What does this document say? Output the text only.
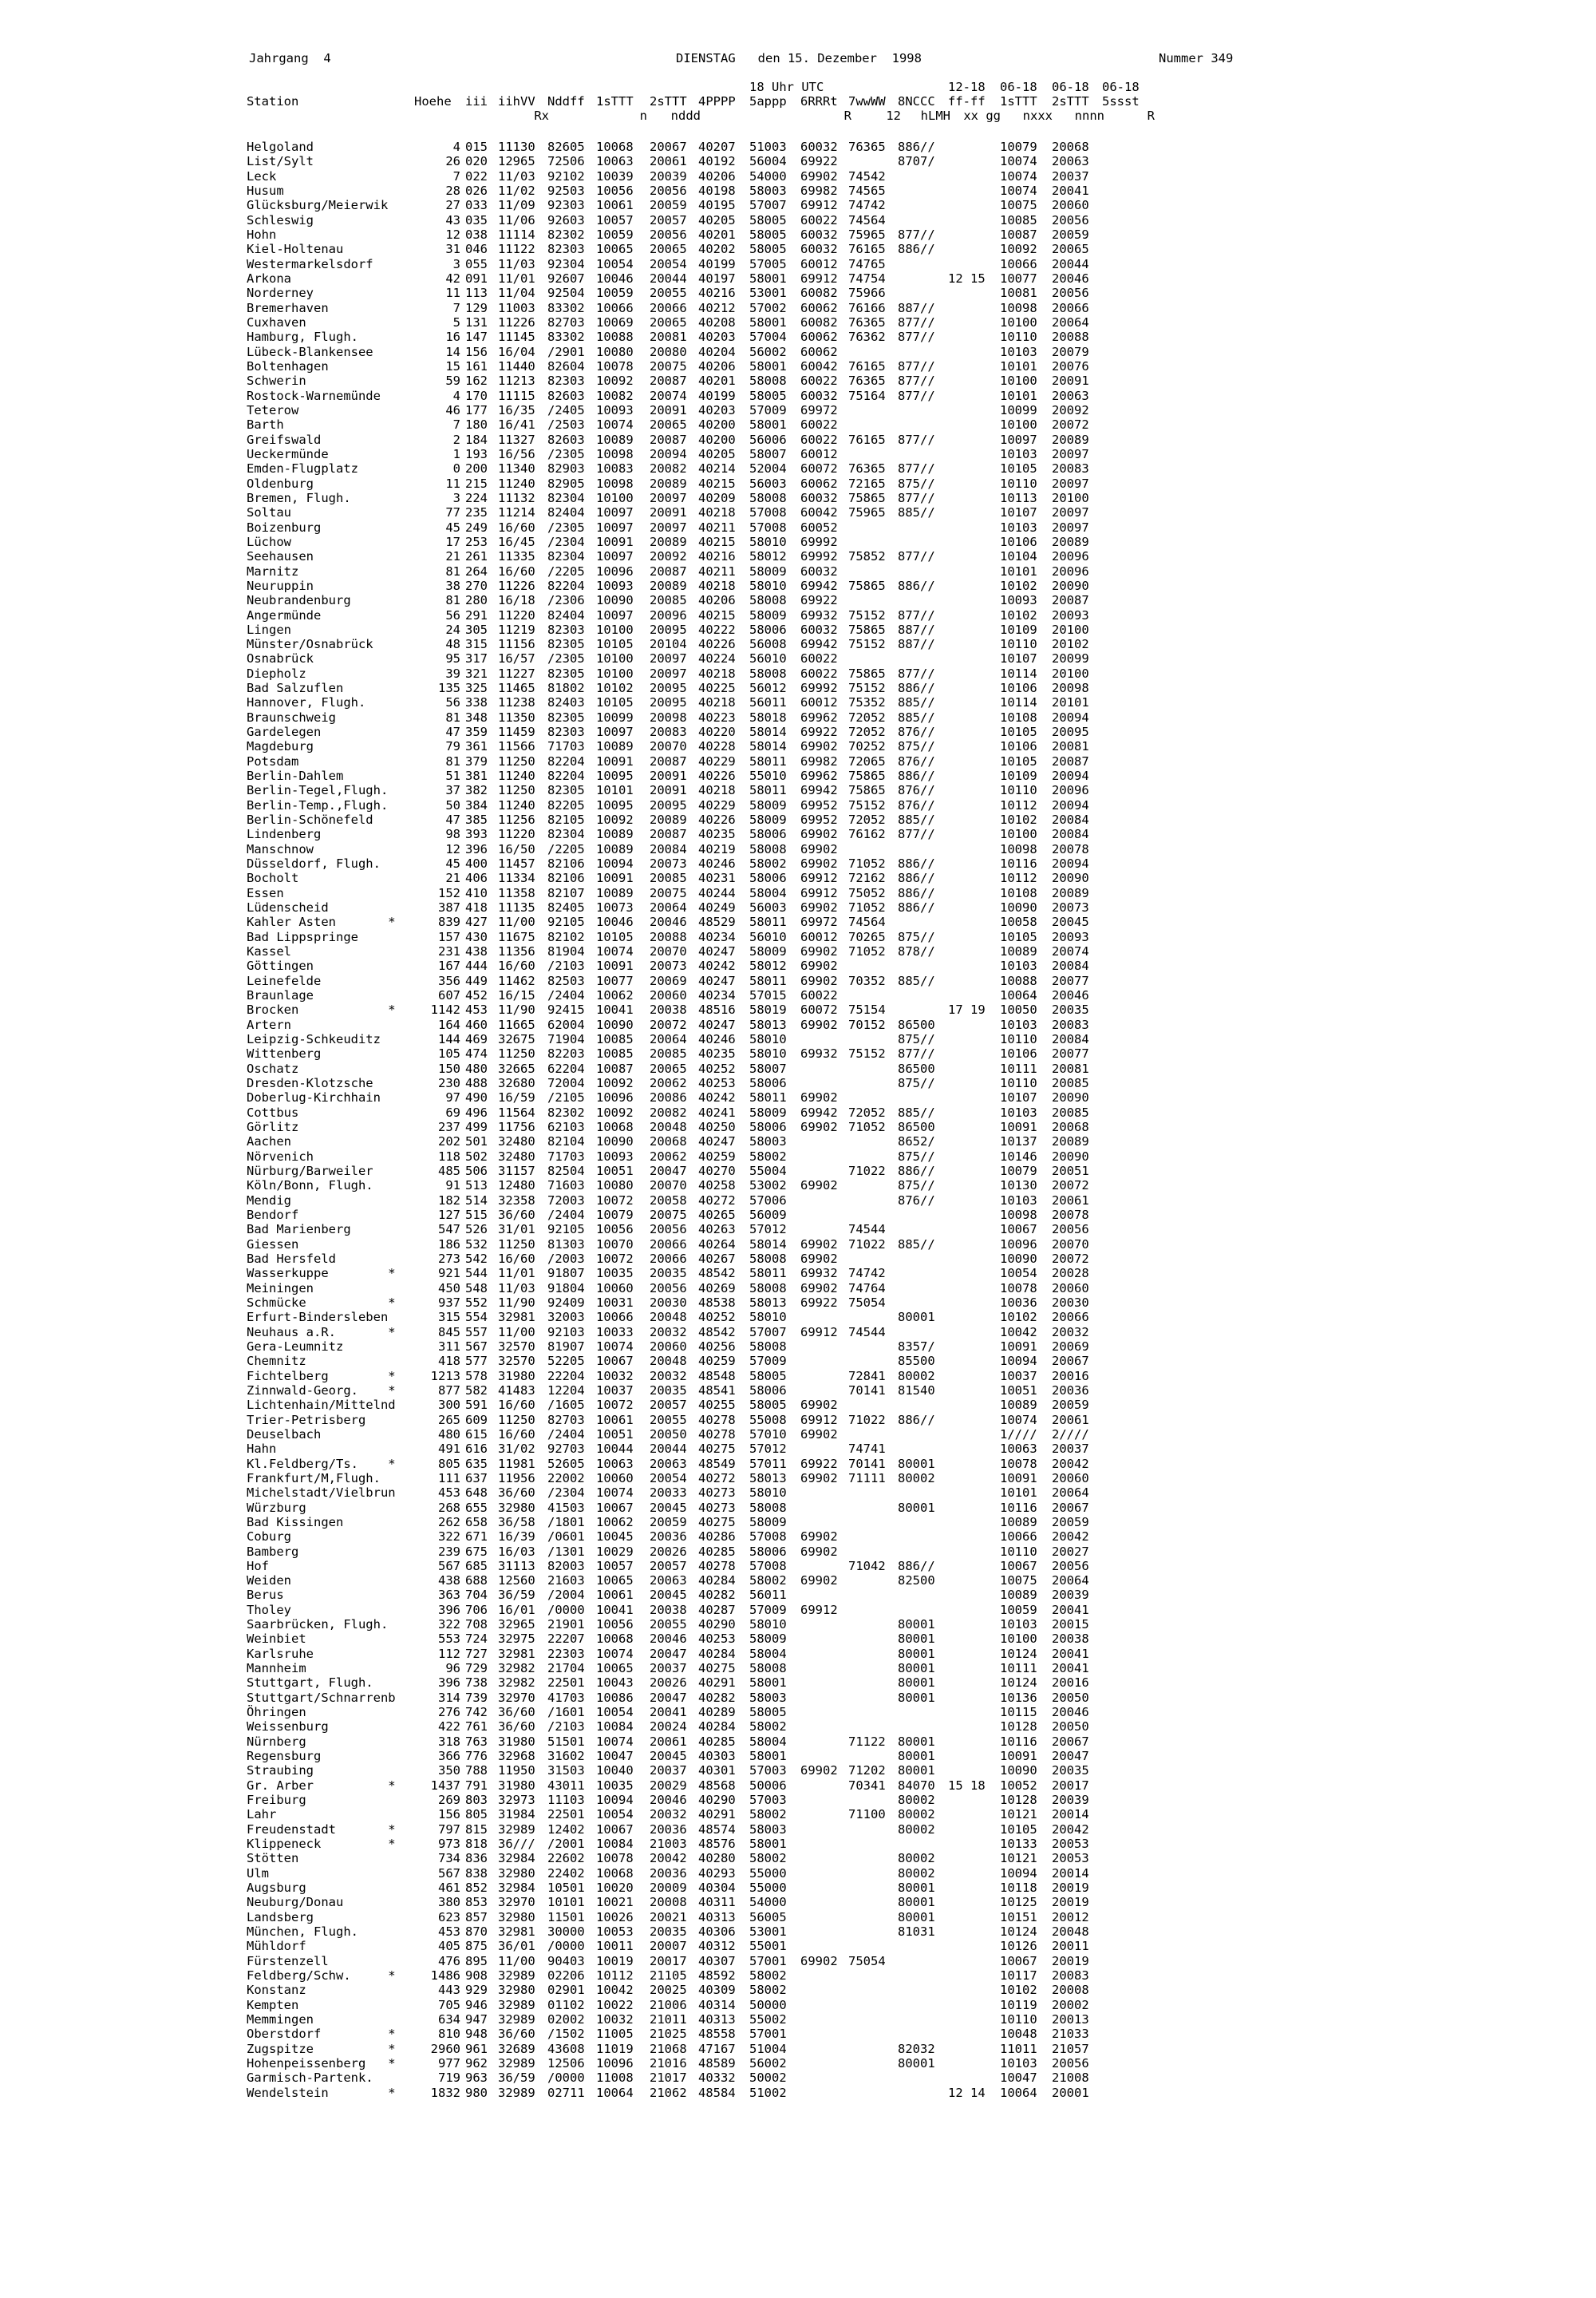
Jahrgang  4	DIENSTAG   den 15. Dezember  1998	Nummer 349
Station
Helgoland
List/Sylt
Leck
Husum
Glücksburg/Meierwik
Schleswig
Hohn
Kiel-Holtenau
Westermarkelsdorf
Arkona
Norderney
Bremerhaven
Cuxhaven
Hamburg, Flugh.
Lübeck-Blankensee
Boltenhagen
Schwerin
Rostock-Warnemünde
Teterow
Barth
Greifswald
Ueckermünde
Emden-Flugplatz
Oldenburg
Bremen, Flugh.
Soltau
Boizenburg
Lüchow
Seehausen
Marnitz
Neuruppin
Neubrandenburg
Angermünde
Lingen
Münster/Osnabrück
Osnabrück
Diepholz
Bad Salzuflen
Hannover, Flugh.
Braunschweig
Gardelegen
Magdeburg
Potsdam
Berlin-Dahlem
Berlin-Tegel,Flugh.
Berlin-Temp.,Flugh.
Berlin-Schönefeld
Lindenberg
Manschnow
Düsseldorf, Flugh.
Bocholt
Essen
Lüdenscheid
Kahler Asten       *
Bad Lippspringe
Kassel
Göttingen
Leinefelde
Braunlage
Brocken            *
Artern
Leipzig-Schkeuditz
Wittenberg
Oschatz
Dresden-Klotzsche
Doberlug-Kirchhain
Cottbus
Görlitz
Aachen
Nörvenich
Nürburg/Barweiler
Köln/Bonn, Flugh.
Mendig
Bendorf
Bad Marienberg
Giessen
Bad Hersfeld
Wasserkuppe        *
Meiningen
Schmücke           *
Erfurt-Bindersleben
Neuhaus a.R.       *
Gera-Leumnitz
Chemnitz
Fichtelberg        *
Zinnwald-Georg.    *
Lichtenhain/Mittelnd
Trier-Petrisberg
Deuselbach
Hahn
Kl.Feldberg/Ts.    *
Frankfurt/M,Flugh.
Michelstadt/Vielbrun
Würzburg
Bad Kissingen
Coburg
Bamberg
Hof
Weiden
Berus
Tholey
Saarbrücken, Flugh.
Weinbiet
Karlsruhe
Mannheim
Stuttgart, Flugh.
Stuttgart/Schnarrenb
Öhringen
Weissenburg
Nürnberg
Regensburg
Straubing
Gr. Arber          *
Freiburg
Lahr
Freudenstadt       *
Klippeneck         *
Stötten
Ulm
Augsburg
Neuburg/Donau
Landsberg
München, Flugh.
Mühldorf
Fürstenzell
Feldberg/Schw.     *
Konstanz
Kempten
Memmingen
Oberstdorf         *
Zugspitze          *
Hohenpeissenberg   *
Garmisch-Partenk.
Wendelstein        *
Hoehe
4
26
7
28
27
43
12
31
3
42
11
7
5
16
14
15
59
4
46
7
2
1
0
11
3
77
45
17
21
81
38
81
56
24
48
95
39
135
56
81
47
79
81
51
37
50
47
98
12
45
21
152
387
839
157
231
167
356
607
1142
164
144
105
150
230
97
69
237
202
118
485
91
182
127
547
186
273
921
450
937
315
845
311
418
1213
877
300
265
480
491
805
111
453
268
262
322
239
567
438
363
396
322
553
112
96
396
314
276
422
318
366
350
1437
269
156
797
973
734
567
461
380
623
453
405
476
1486
443
705
634
810
2960
977
719
1832
iii
015
020
022
026
033
035
038
046
055
091
113
129
131
147
156
161
162
170
177
180
184
193
200
215
224
235
249
253
261
264
270
280
291
305
315
317
321
325
338
348
359
361
379
381
382
384
385
393
396
400
406
410
418
427
430
438
444
449
452
453
460
469
474
480
488
490
496
499
501
502
506
513
514
515
526
532
542
544
548
552
554
557
567
577
578
582
591
609
615
616
635
637
648
655
658
671
675
685
688
704
706
708
724
727
729
738
739
742
761
763
776
788
791
803
805
815
818
836
838
852
853
857
870
875
895
908
929
946
947
948
961
962
963
980
iihVV
Rx
11130
12965
11/03
11/02
11/09
11/06
11114
11122
11/03
11/01
11/04
11003
11226
11145
16/04
11440
11213
11115
16/35
16/41
11327
16/56
11340
11240
11132
11214
16/60
16/45
11335
16/60
11226
16/18
11220
11219
11156
16/57
11227
11465
11238
11350
11459
11566
11250
11240
11250
11240
11256
11220
16/50
11457
11334
11358
11135
11/00
11675
11356
16/60
11462
16/15
11/90
11665
32675
11250
32665
32680
16/59
11564
11756
32480
32480
31157
12480
32358
36/60
31/01
11250
16/60
11/01
11/03
11/90
32981
11/00
32570
32570
31980
41483
16/60
11250
16/60
31/02
11981
11956
36/60
32980
36/58
16/39
16/03
31113
12560
36/59
16/01
32965
32975
32981
32982
32982
32970
36/60
36/60
31980
32968
11950
31980
32973
31984
32989
36///
32984
32980
32984
32970
32980
32981
36/01
11/00
32989
32980
32989
32989
36/60
32689
32989
36/59
32989
Nddff
82605
72506
92102
92503
92303
92603
82302
82303
92304
92607
92504
83302
82703
83302
/2901
82604
82303
82603
/2405
/2503
82603
/2305
82903
82905
82304
82404
/2305
/2304
82304
/2205
82204
/2306
82404
82303
82305
/2305
82305
81802
82403
82305
82303
71703
82204
82204
82305
82205
82105
82304
/2205
82106
82106
82107
82405
92105
82102
81904
/2103
82503
/2404
92415
62004
71904
82203
62204
72004
/2105
82302
62103
82104
71703
82504
71603
72003
/2404
92105
81303
/2003
91807
91804
92409
32003
92103
81907
52205
22204
12204
/1605
82703
/2404
92703
52605
22002
/2304
41503
/1801
/0601
/1301
82003
21603
/2004
/0000
21901
22207
22303
21704
22501
41703
/1601
/2103
51501
31602
31503
43011
11103
22501
12402
/2001
22602
22402
10501
10101
11501
30000
/0000
90403
02206
02901
01102
02002
/1502
43608
12506
/0000
02711
1sTTT
n
10068
10063
10039
10056
10061
10057
10059
10065
10054
10046
10059
10066
10069
10088
10080
10078
10092
10082
10093
10074
10089
10098
10083
10098
10100
10097
10097
10091
10097
10096
10093
10090
10097
10100
10105
10100
10100
10102
10105
10099
10097
10089
10091
10095
10101
10095
10092
10089
10089
10094
10091
10089
10073
10046
10105
10074
10091
10077
10062
10041
10090
10085
10085
10087
10092
10096
10092
10068
10090
10093
10051
10080
10072
10079
10056
10070
10072
10035
10060
10031
10066
10033
10074
10067
10032
10037
10072
10061
10051
10044
10063
10060
10074
10067
10062
10045
10029
10057
10065
10061
10041
10056
10068
10074
10065
10043
10086
10054
10084
10074
10047
10040
10035
10094
10054
10067
10084
10078
10068
10020
10021
10026
10053
10011
10019
10112
10042
10022
10032
11005
11019
10096
11008
10064
2sTTT
nddd
20067
20061
20039
20056
20059
20057
20056
20065
20054
20044
20055
20066
20065
20081
20080
20075
20087
20074
20091
20065
20087
20094
20082
20089
20097
20091
20097
20089
20092
20087
20089
20085
20096
20095
20104
20097
20097
20095
20095
20098
20083
20070
20087
20091
20091
20095
20089
20087
20084
20073
20085
20075
20064
20046
20088
20070
20073
20069
20060
20038
20072
20064
20085
20065
20062
20086
20082
20048
20068
20062
20047
20070
20058
20075
20056
20066
20066
20035
20056
20030
20048
20032
20060
20048
20032
20035
20057
20055
20050
20044
20063
20054
20033
20045
20059
20036
20026
20057
20063
20045
20038
20055
20046
20047
20037
20026
20047
20041
20024
20061
20045
20037
20029
20046
20032
20036
21003
20042
20036
20009
20008
20021
20035
20007
20017
21105
20025
21006
21011
21025
21068
21016
21017
21062
4PPPP
40207
40192
40206
40198
40195
40205
40201
40202
40199
40197
40216
40212
40208
40203
40204
40206
40201
40199
40203
40200
40200
40205
40214
40215
40209
40218
40211
40215
40216
40211
40218
40206
40215
40222
40226
40224
40218
40225
40218
40223
40220
40228
40229
40226
40218
40229
40226
40235
40219
40246
40231
40244
40249
48529
40234
40247
40242
40247
40234
48516
40247
40246
40235
40252
40253
40242
40241
40250
40247
40259
40270
40258
40272
40265
40263
40264
40267
48542
40269
48538
40252
48542
40256
40259
48548
48541
40255
40278
40278
40275
48549
40272
40273
40273
40275
40286
40285
40278
40284
40282
40287
40290
40253
40284
40275
40291
40282
40289
40284
40285
40303
40301
48568
40290
40291
48574
48576
40280
40293
40304
40311
40313
40306
40312
40307
48592
40309
40314
40313
48558
47167
48589
40332
48584
18 Uhr UTC
5appp
51003
56004
54000
58003
57007
58005
58005
58005
57005
58001
53001
57002
58001
57004
56002
58001
58008
58005
57009
58001
56006
58007
52004
56003
58008
57008
57008
58010
58012
58009
58010
58008
58009
58006
56008
56010
58008
56012
56011
58018
58014
58014
58011
55010
58011
58009
58009
58006
58008
58002
58006
58004
56003
58011
56010
58009
58012
58011
57015
58019
58013
58010
58010
58007
58006
58011
58009
58006
58003
58002
55004
53002
57006
56009
57012
58014
58008
58011
58008
58013
58010
57007
58008
57009
58005
58006
58005
55008
57010
57012
57011
58013
58010
58008
58009
57008
58006
57008
58002
56011
57009
58010
58009
58004
58008
58001
58003
58005
58002
58004
58001
57003
50006
57003
58002
58003
58001
58002
55000
55000
54000
56005
53001
55001
57001
58002
58002
50000
55002
57001
51004
56002
50002
51002
6RRRt
R
60032
69922
69902
69982
69912
60022
60032
60032
60012
69912
60082
60062
60082
60062
60062
60042
60022
60032
69972
60022
60022
60012
60072
60062
60032
60042
60052
69992
69992
60032
69942
69922
69932
60032
69942
60022
60022
69992
60012
69962
69922
69902
69982
69962
69942
69952
69952
69902
69902
69902
69912
69912
69902
69972
60012
69902
69902
69902
60022
60072
69902
69932
69902
69942
69902
69902
69902
69902
69932
69902
69922
69912
69902
69912
69902
69922
69902
69902
69902
69902
69912
69902
69902
7wwWW
12
76365
74542
74565
74742
74564
75965
76165
74765
74754
75966
76166
76365
76362
76165
76365
75164
76165
76365
72165
75865
75965
75852
75865
75152
75865
75152
75865
75152
75352
72052
72052
70252
72065
75865
75865
75152
72052
76162
71052
72162
75052
71052
74564
70265
71052
70352
75154
70152
75152
72052
71052
71022
74544
71022
74742
74764
75054
74544
72841
70141
71022
74741
70141
71111
71042
71122
71202
70341
71100
75054
8NCCC
hLMH
886//
8707/
877//
886//
887//
877//
877//
877//
877//
877//
877//
877//
875//
877//
885//
877//
886//
877//
887//
887//
877//
886//
885//
885//
876//
875//
876//
886//
876//
876//
885//
877//
886//
886//
886//
886//
875//
878//
885//
86500
875//
877//
86500
875//
885//
86500
8652/
875//
886//
875//
876//
885//
80001
8357/
85500
80002
81540
886//
80001
80002
80001
886//
82500
80001
80001
80001
80001
80001
80001
80001
80001
80001
84070
80002
80002
80002
80002
80002
80001
80001
80001
81031
82032
80001
12-18
ff-ff
xx gg
12 15
17 19
15 18
12 14
06-18
1sTTT
nxxx
10079
10074
10074
10074
10075
10085
10087
10092
10066
10077
10081
10098
10100
10110
10103
10101
10100
10101
10099
10100
10097
10103
10105
10110
10113
10107
10103
10106
10104
10101
10102
10093
10102
10109
10110
10107
10114
10106
10114
10108
10105
10106
10105
10109
10110
10112
10102
10100
10098
10116
10112
10108
10090
10058
10105
10089
10103
10088
10064
10050
10103
10110
10106
10111
10110
10107
10103
10091
10137
10146
10079
10130
10103
10098
10067
10096
10090
10054
10078
10036
10102
10042
10091
10094
10037
10051
10089
10074
1////
10063
10078
10091
10101
10116
10089
10066
10110
10067
10075
10089
10059
10103
10100
10124
10111
10124
10136
10115
10128
10116
10091
10090
10052
10128
10121
10105
10133
10121
10094
10118
10125
10151
10124
10126
10067
10117
10102
10119
10110
10048
11011
10103
10047
10064
06-18
2sTTT
nnnn
20068
20063
20037
20041
20060
20056
20059
20065
20044
20046
20056
20066
20064
20088
20079
20076
20091
20063
20092
20072
20089
20097
20083
20097
20100
20097
20097
20089
20096
20096
20090
20087
20093
20100
20102
20099
20100
20098
20101
20094
20095
20081
20087
20094
20096
20094
20084
20084
20078
20094
20090
20089
20073
20045
20093
20074
20084
20077
20046
20035
20083
20084
20077
20081
20085
20090
20085
20068
20089
20090
20051
20072
20061
20078
20056
20070
20072
20028
20060
20030
20066
20032
20069
20067
20016
20036
20059
20061
2////
20037
20042
20060
20064
20067
20059
20042
20027
20056
20064
20039
20041
20015
20038
20041
20041
20016
20050
20046
20050
20067
20047
20035
20017
20039
20014
20042
20053
20053
20014
20019
20019
20012
20048
20011
20019
20083
20008
20002
20013
21033
21057
20056
21008
20001
06-18
5ssst
R
